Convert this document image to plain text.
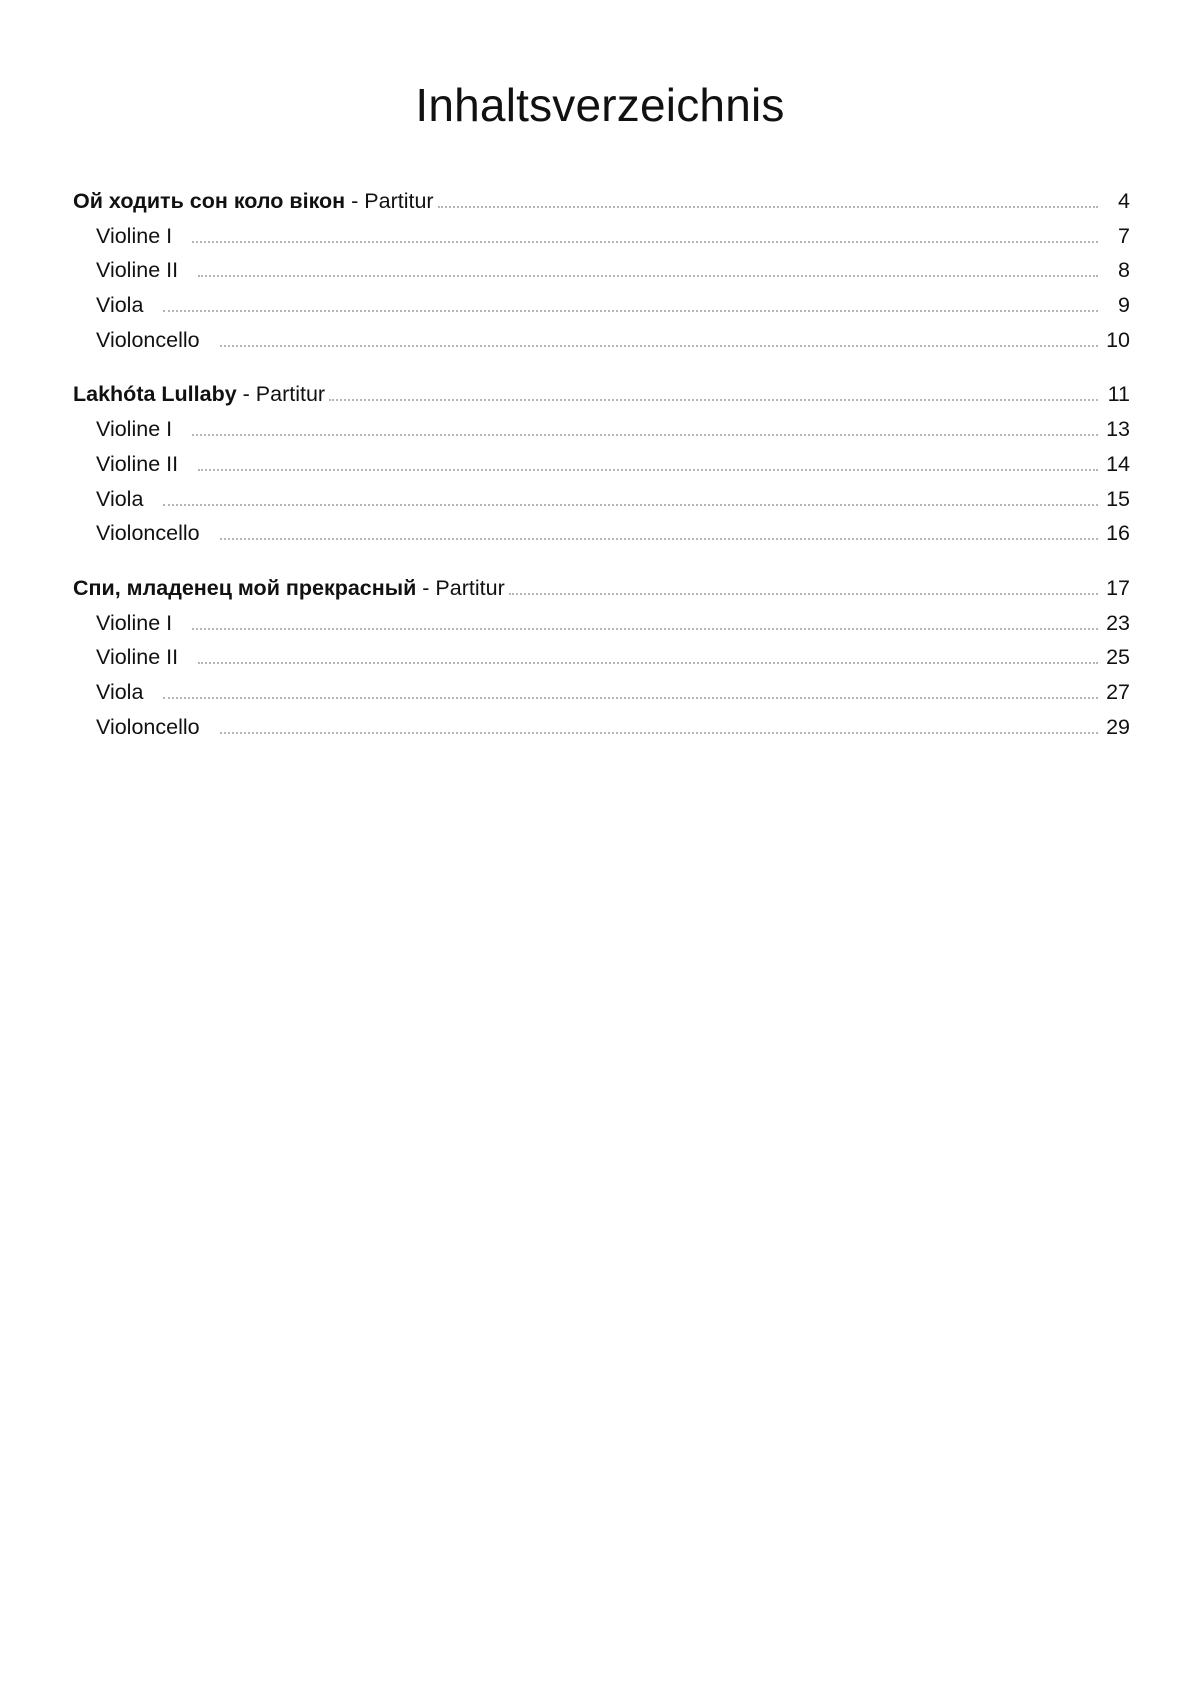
Inhaltsverzeichnis
Ой ходить сон коло вікон - Partitur	4
Violine I	7
Violine II	8
Viola	9
Violoncello	10
Lakhóta Lullaby - Partitur	11
Violine I	13
Violine II	14
Viola	15
Violoncello	16
Спи, младенец мой прекрасный - Partitur	17
Violine I	23
Violine II	25
Viola	27
Violoncello	29
